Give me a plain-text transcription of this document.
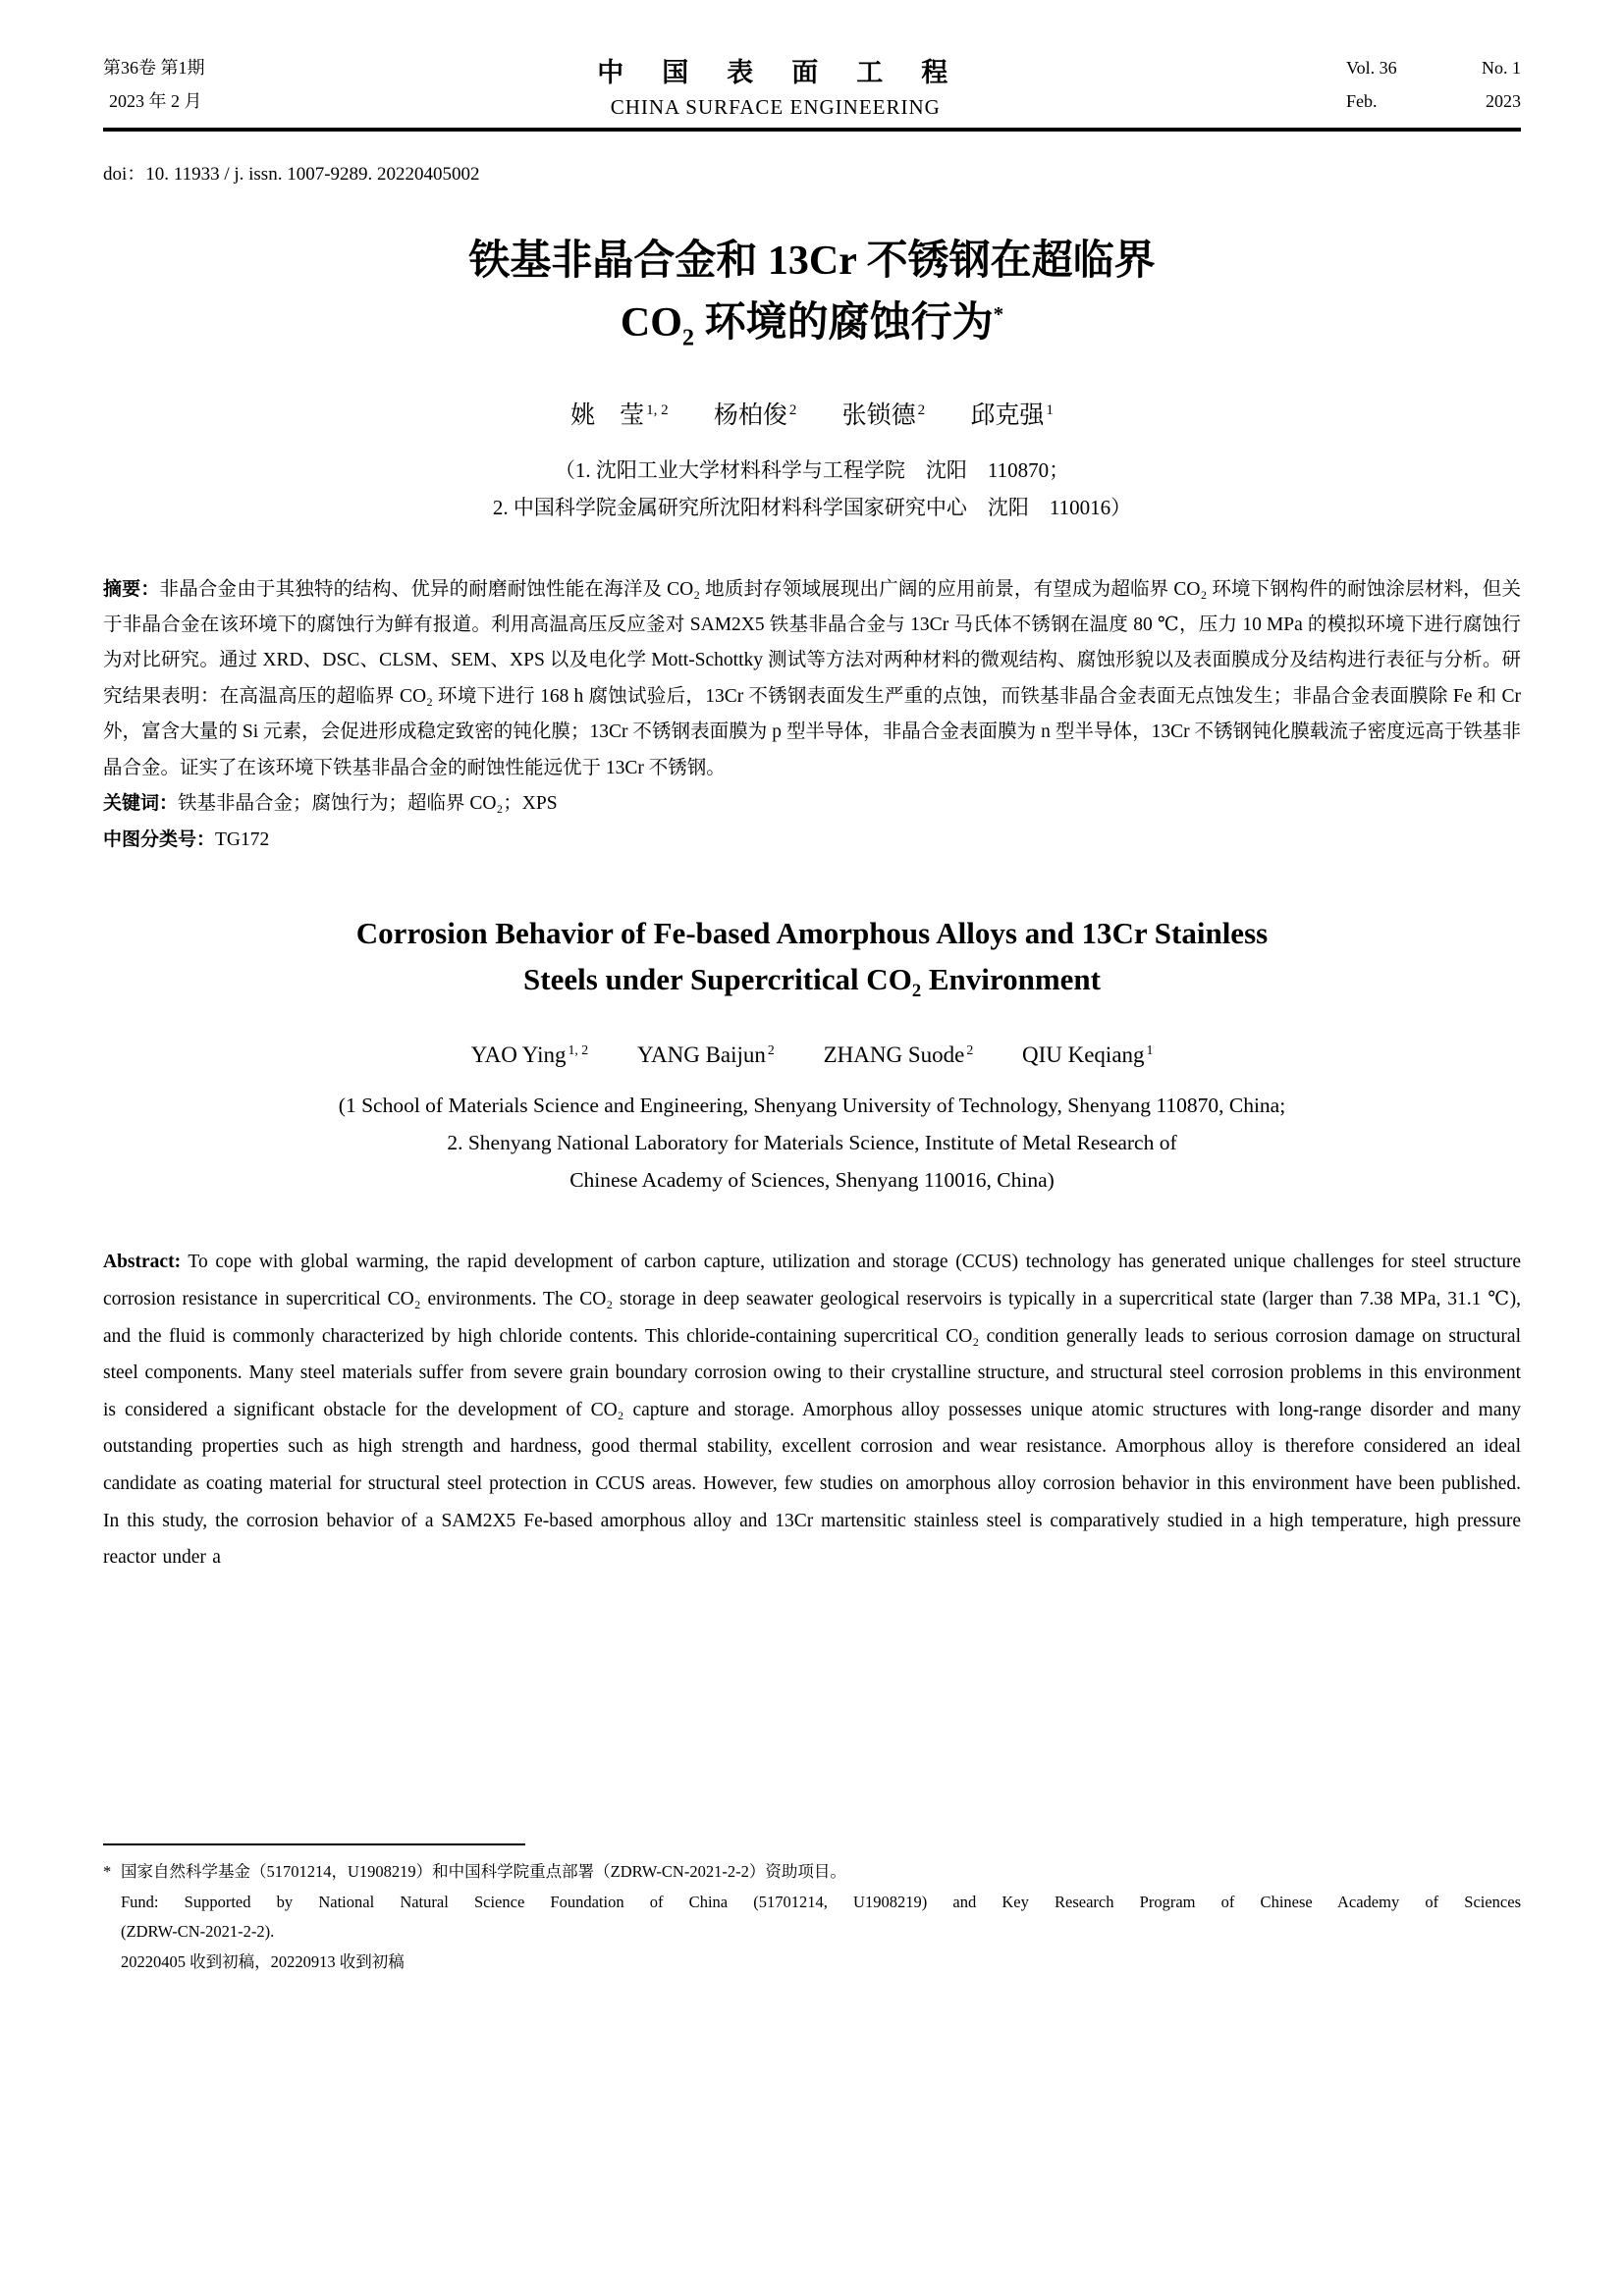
第36卷 第1期
2023 年 2 月
中　国　表　面　工　程
CHINA SURFACE ENGINEERING
Vol. 36	No. 1
Feb.	2023
doi：10. 11933 / j. issn. 1007-9289. 20220405002
铁基非晶合金和 13Cr 不锈钢在超临界
$CO_2$ 环境的腐蚀行为*
姚　莹 $^{1, 2}$ 杨柏俊 $^2$ 张锁德 $^2$ 邱克强 $^1$
（1. 沈阳工业大学材料科学与工程学院　沈阳　110870；
2. 中国科学院金属研究所沈阳材料科学国家研究中心　沈阳　110016）

摘要：非晶合金由于其独特的结构、优异的耐磨耐蚀性能在海洋及 CO₂ 地质封存领域展现出广阔的应用前景，有望成为超临界 CO₂ 环境下钢构件的耐蚀涂层材料，但关于非晶合金在该环境下的腐蚀行为鲜有报道。利用高温高压反应釜对 SAM2X5 铁基非晶合金与 13Cr 马氏体不锈钢在温度 80 ℃，压力 10 MPa 的模拟环境下进行腐蚀行为对比研究。通过 XRD、DSC、CLSM、SEM、XPS 以及电化学 Mott-Schottky 测试等方法对两种材料的微观结构、腐蚀形貌以及表面膜成分及结构进行表征与分析。研究结果表明：在高温高压的超临界 CO₂ 环境下进行 168 h 腐蚀试验后，13Cr 不锈钢表面发生严重的点蚀，而铁基非晶合金表面无点蚀发生；非晶合金表面膜除 Fe 和 Cr 外，富含大量的 Si 元素，会促进形成稳定致密的钝化膜；13Cr 不锈钢表面膜为 p 型半导体，非晶合金表面膜为 n 型半导体，13Cr 不锈钢钝化膜载流子密度远高于铁基非晶合金。证实了在该环境下铁基非晶合金的耐蚀性能远优于 13Cr 不锈钢。

关键词：铁基非晶合金；腐蚀行为；超临界 CO₂；XPS

中图分类号：TG172

Corrosion Behavior of Fe-based Amorphous Alloys and 13Cr Stainless
Steels under Supercritical $CO_2$ Environment
YAO Ying $^{1, 2}$ YANG Baijun $^2$ ZHANG Suode $^2$ QIU Keqiang $^1$
(1 School of Materials Science and Engineering, Shenyang University of Technology, Shenyang 110870, China;
2. Shenyang National Laboratory for Materials Science, Institute of Metal Research of
Chinese Academy of Sciences, Shenyang 110016, China)

Abstract: To cope with global warming, the rapid development of carbon capture, utilization and storage (CCUS) technology has generated unique challenges for steel structure corrosion resistance in supercritical CO₂ environments. The CO₂ storage in deep seawater geological reservoirs is typically in a supercritical state (larger than 7.38 MPa, 31.1 ℃), and the fluid is commonly characterized by high chloride contents. This chloride-containing supercritical CO₂ condition generally leads to serious corrosion damage on structural steel components. Many steel materials suffer from severe grain boundary corrosion owing to their crystalline structure, and structural steel corrosion problems in this environment is considered a significant obstacle for the development of CO₂ capture and storage. Amorphous alloy possesses unique atomic structures with long-range disorder and many outstanding properties such as high strength and hardness, good thermal stability, excellent corrosion and wear resistance. Amorphous alloy is therefore considered an ideal candidate as coating material for structural steel protection in CCUS areas. However, few studies on amorphous alloy corrosion behavior in this environment have been published. In this study, the corrosion behavior of a SAM2X5 Fe-based amorphous alloy and 13Cr martensitic stainless steel is comparatively studied in a high temperature, high pressure reactor under a

* 国家自然科学基金（51701214，U1908219）和中国科学院重点部署（ZDRW-CN-2021-2-2）资助项目。
Fund: Supported by National Natural Science Foundation of China (51701214, U1908219) and Key Research Program of Chinese Academy of Sciences
(ZDRW-CN-2021-2-2).
20220405 收到初稿，20220913 收到初稿
